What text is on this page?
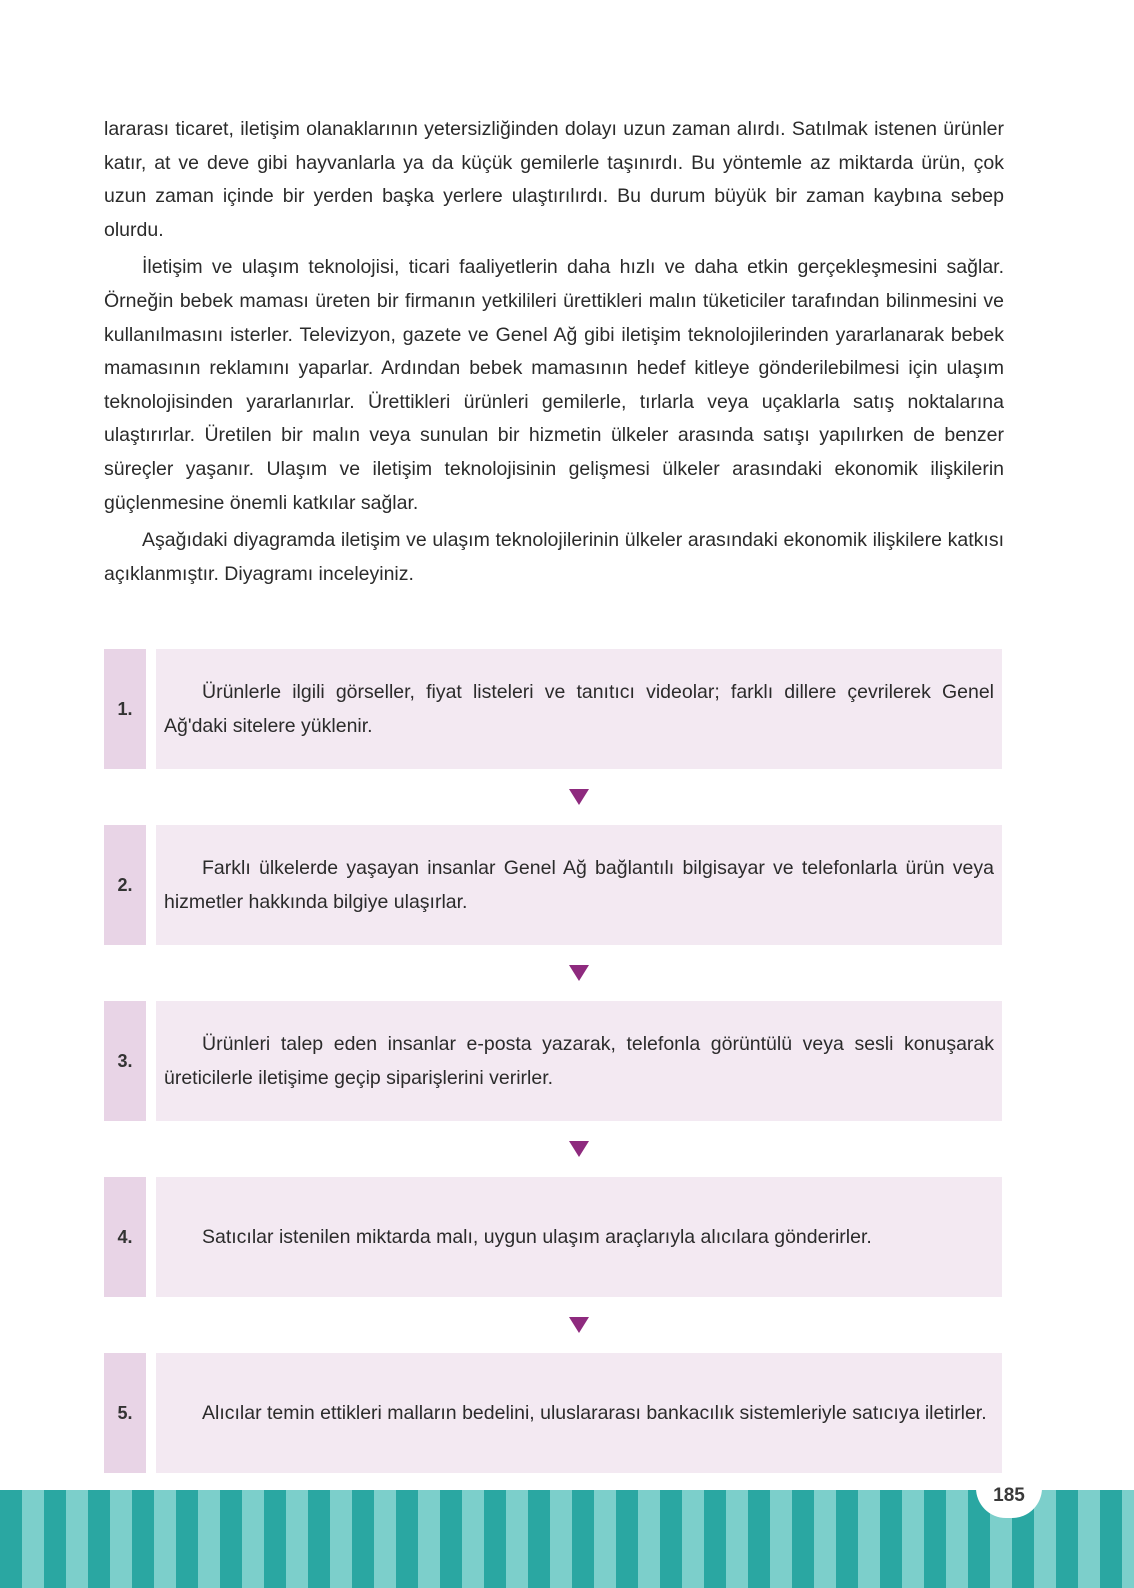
lararası ticaret, iletişim olanaklarının yetersizliğinden dolayı uzun zaman alırdı. Satılmak istenen ürünler katır, at ve deve gibi hayvanlarla ya da küçük gemilerle taşınırdı. Bu yöntemle az miktarda ürün, çok uzun zaman içinde bir yerden başka yerlere ulaştırılırdı. Bu durum büyük bir zaman kaybına sebep olurdu.

İletişim ve ulaşım teknolojisi, ticari faaliyetlerin daha hızlı ve daha etkin gerçekleşmesini sağlar. Örneğin bebek maması üreten bir firmanın yetkilileri ürettikleri malın tüketiciler tarafından bilinmesini ve kullanılmasını isterler. Televizyon, gazete ve Genel Ağ gibi iletişim teknolojilerinden yararlanarak bebek mamasının reklamını yaparlar. Ardından bebek mamasının hedef kitleye gönderilebilmesi için ulaşım teknolojisinden yararlanırlar. Ürettikleri ürünleri gemilerle, tırlarla veya uçaklarla satış noktalarına ulaştırırlar. Üretilen bir malın veya sunulan bir hizmetin ülkeler arasında satışı yapılırken de benzer süreçler yaşanır. Ulaşım ve iletişim teknolojisinin gelişmesi ülkeler arasındaki ekonomik ilişkilerin güçlenmesine önemli katkılar sağlar.

Aşağıdaki diyagramda iletişim ve ulaşım teknolojilerinin ülkeler arasındaki ekonomik ilişkilere katkısı açıklanmıştır. Diyagramı inceleyiniz.

1.
Ürünlerle ilgili görseller, fiyat listeleri ve tanıtıcı videolar; farklı dillere çevrilerek Genel Ağ'daki sitelere yüklenir.
2.
Farklı ülkelerde yaşayan insanlar Genel Ağ bağlantılı bilgisayar ve telefonlarla ürün veya hizmetler hakkında bilgiye ulaşırlar.
3.
Ürünleri talep eden insanlar e-posta yazarak, telefonla görüntülü veya sesli konuşarak üreticilerle iletişime geçip siparişlerini verirler.
4.	Satıcılar istenilen miktarda malı, uygun ulaşım araçlarıyla alıcılara gönderirler.
5.	Alıcılar temin ettikleri malların bedelini, uluslararası bankacılık sistemleriyle satıcıya iletirler.
185
